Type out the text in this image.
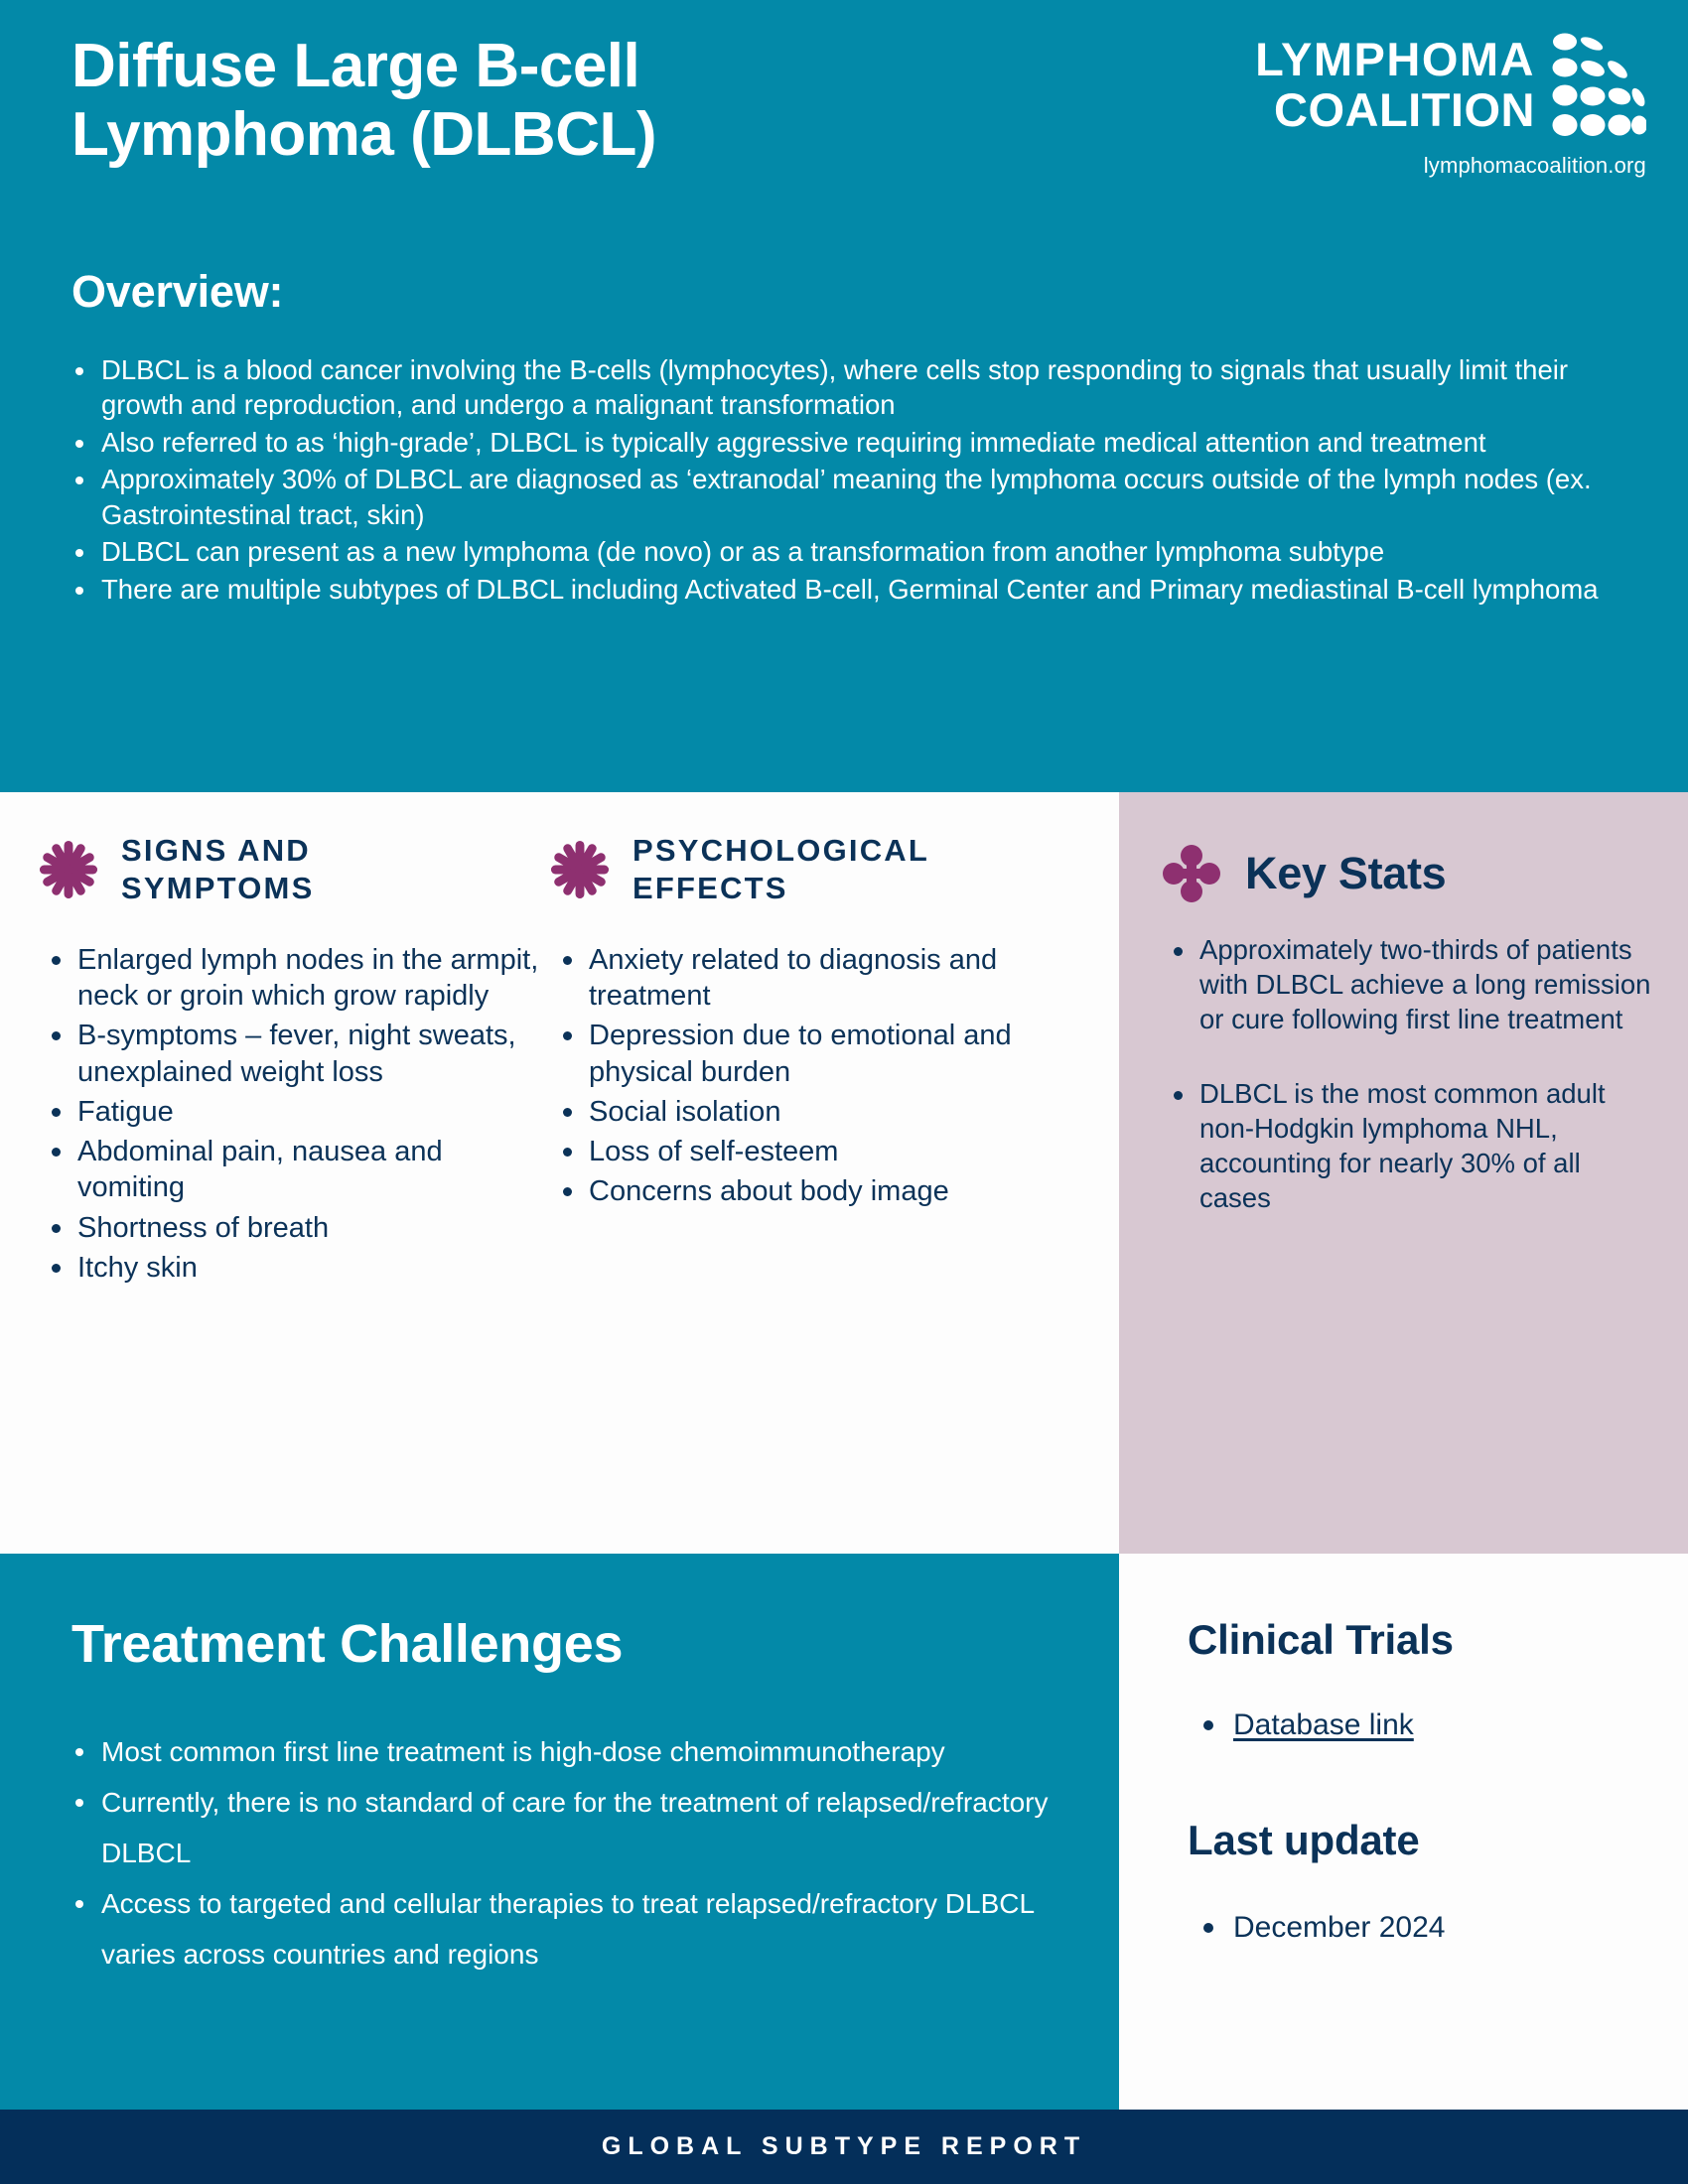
Diffuse Large B-cell
Lymphoma (DLBCL)
LYMPHOMA
COALITION
lymphomacoalition.org
Overview:
DLBCL is a blood cancer involving the B-cells (lymphocytes), where cells stop responding to signals that usually limit their growth and reproduction, and undergo a malignant transformation
Also referred to as ‘high-grade’, DLBCL is typically aggressive requiring immediate medical attention and treatment
Approximately 30% of DLBCL are diagnosed as ‘extranodal’ meaning the lymphoma occurs outside of the lymph nodes (ex. Gastrointestinal tract, skin)
DLBCL can present as a new lymphoma (de novo) or as a transformation from another lymphoma subtype
There are multiple subtypes of DLBCL including Activated B-cell, Germinal Center and Primary mediastinal B-cell lymphoma
SIGNS AND
SYMPTOMS
Enlarged lymph nodes in the armpit, neck or groin which grow rapidly
B-symptoms – fever, night sweats, unexplained weight loss
Fatigue
Abdominal pain, nausea and vomiting
Shortness of breath
Itchy skin
PSYCHOLOGICAL
EFFECTS
Anxiety related to diagnosis and treatment
Depression due to emotional and physical burden
Social isolation
Loss of self-esteem
Concerns about body image
Key Stats
Approximately two-thirds of patients with DLBCL achieve a long remission or cure following first line treatment
DLBCL is the most common adult non-Hodgkin lymphoma NHL, accounting for nearly 30% of all cases
Treatment Challenges
Most common first line treatment is high-dose chemoimmunotherapy
Currently, there is no standard of care for the treatment of relapsed/refractory DLBCL
Access to targeted and cellular therapies to treat relapsed/refractory DLBCL varies across countries and regions
Clinical Trials
Database link
Last update
December 2024
GLOBAL SUBTYPE REPORT
